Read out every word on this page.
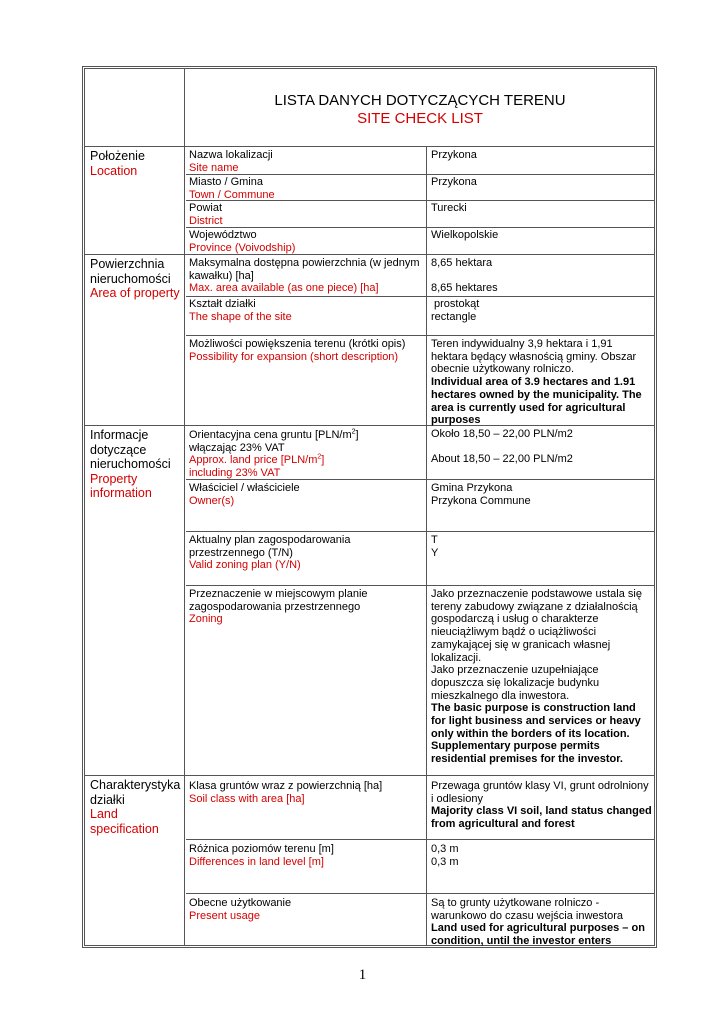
LISTA DANYCH DOTYCZĄCYCH TERENU
SITE CHECK LIST
Położenie
Location
Nazwa lokalizacji
Site name
Przykona
Miasto / Gmina
Town / Commune
Przykona
Powiat
District
Turecki
Województwo
Province (Voivodship)
Wielkopolskie
Powierzchnia
nieruchomości
Area of property
Maksymalna dostępna powierzchnia (w jednym
kawałku) [ha]
Max. area available (as one piece) [ha]
8,65 hektara
8,65 hektares
Kształt działki
The shape of the site
prostokąt
rectangle
Możliwości powiększenia terenu (krótki opis)
Possibility for expansion (short description)
Teren indywidualny 3,9 hektara i 1,91
hektara będący własnością gminy. Obszar
obecnie użytkowany rolniczo.
Individual area of 3.9 hectares and 1.91
hectares owned by the municipality. The
area is currently used for agricultural
purposes
Informacje
dotyczące
nieruchomości
Property
information
Orientacyjna cena gruntu $[PLN/m^2]$
włączając 23% VAT
Approx. land price $[PLN/m^2]$
including 23% VAT
Około 18,50 – 22,00 PLN/m2
About 18,50 – 22,00 PLN/m2
Właściciel / właściciele
Owner(s)
Gmina Przykona
Przykona Commune
Aktualny plan zagospodarowania
przestrzennego (T/N)
Valid zoning plan (Y/N)
T
Y
Przeznaczenie w miejscowym planie
zagospodarowania przestrzennego
Zoning
Jako przeznaczenie podstawowe ustala się
tereny zabudowy związane z działalnością
gospodarczą i usług o charakterze
nieuciążliwym bądź o uciążliwości
zamykającej się w granicach własnej
lokalizacji.
Jako przeznaczenie uzupełniające
dopuszcza się lokalizacje budynku
mieszkalnego dla inwestora.
The basic purpose is construction land
for light business and services or heavy
only within the borders of its location.
Supplementary purpose permits
residential premises for the investor.
Charakterystyka
działki
Land
specification
Klasa gruntów wraz z powierzchnią [ha]
Soil class with area [ha]
Przewaga gruntów klasy VI, grunt odrolniony
i odlesiony
Majority class VI soil, land status changed
from agricultural and forest
Różnica poziomów terenu [m]
Differences in land level [m]
0,3 m
0,3 m
Obecne użytkowanie
Present usage
Są to grunty użytkowane rolniczo -
warunkowo do czasu wejścia inwestora
Land used for agricultural purposes – on
condition, until the investor enters
1
